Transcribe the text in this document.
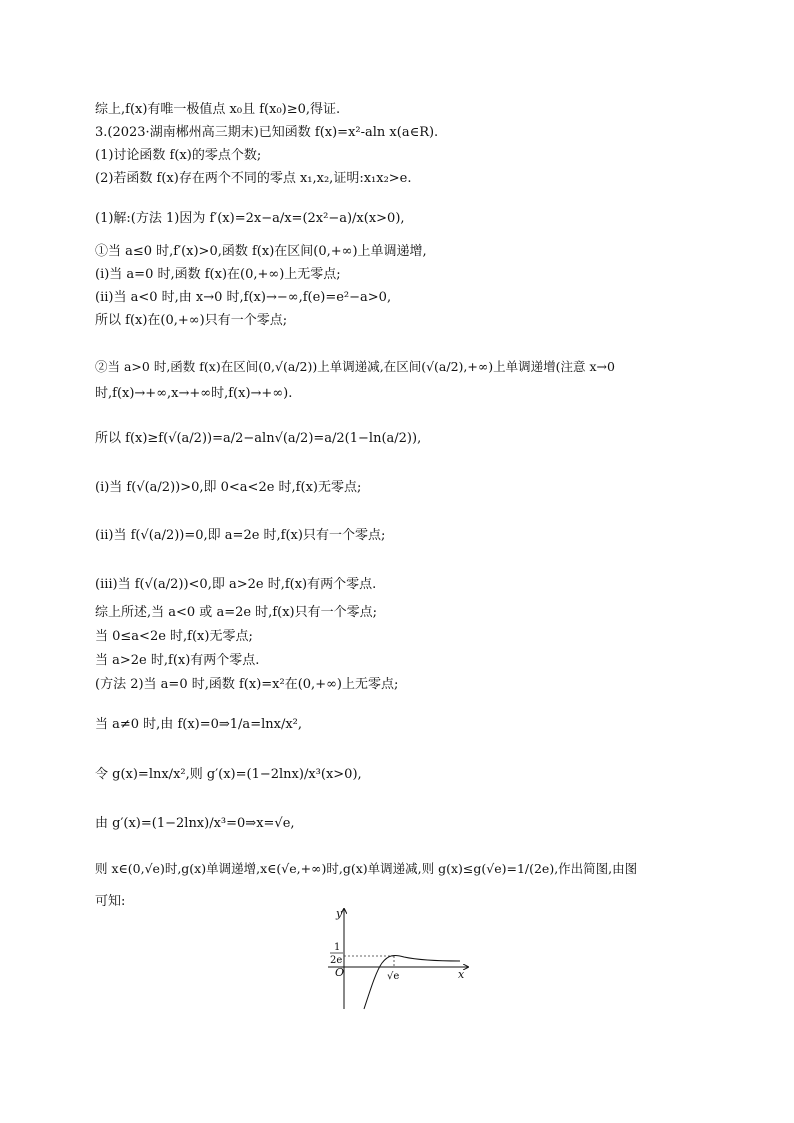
综上,f(x)有唯一极值点 x₀且 f(x₀)≥0,得证.
3.(2023·湖南郴州高三期末)已知函数 f(x)=x²-aln x(a∈R).
(1)讨论函数 f(x)的零点个数;
(2)若函数 f(x)存在两个不同的零点 x₁,x₂,证明:x₁x₂>e.
(1)解:(方法 1)因为 f′(x)=2x−a/x=(2x²−a)/x(x>0),
①当 a≤0 时,f′(x)>0,函数 f(x)在区间(0,+∞)上单调递增,
(ⅰ)当 a=0 时,函数 f(x)在(0,+∞)上无零点;
(ⅱ)当 a<0 时,由 x→0 时,f(x)→−∞,f(e)=e²−a>0,
所以 f(x)在(0,+∞)只有一个零点;
②当 a>0 时,函数 f(x)在区间(0,√(a/2))上单调递减,在区间(√(a/2),+∞)上单调递增(注意 x→0
时,f(x)→+∞,x→+∞时,f(x)→+∞).
所以 f(x)≥f(√(a/2))=a/2−aln√(a/2)=a/2(1−ln(a/2)),
(ⅰ)当 f(√(a/2))>0,即 0<a<2e 时,f(x)无零点;
(ⅱ)当 f(√(a/2))=0,即 a=2e 时,f(x)只有一个零点;
(ⅲ)当 f(√(a/2))<0,即 a>2e 时,f(x)有两个零点.
综上所述,当 a<0 或 a=2e 时,f(x)只有一个零点;
当 0≤a<2e 时,f(x)无零点;
当 a>2e 时,f(x)有两个零点.
(方法 2)当 a=0 时,函数 f(x)=x²在(0,+∞)上无零点;
当 a≠0 时,由 f(x)=0⇒1/a=lnx/x²,
令 g(x)=lnx/x²,则 g′(x)=(1−2lnx)/x³(x>0),
由 g′(x)=(1−2lnx)/x³=0⇒x=√e,
则 x∈(0,√e)时,g(x)单调递增,x∈(√e,+∞)时,g(x)单调递减,则 g(x)≤g(√e)=1/(2e),作出简图,由图
可知:
y
x
O
1
2e
√e
